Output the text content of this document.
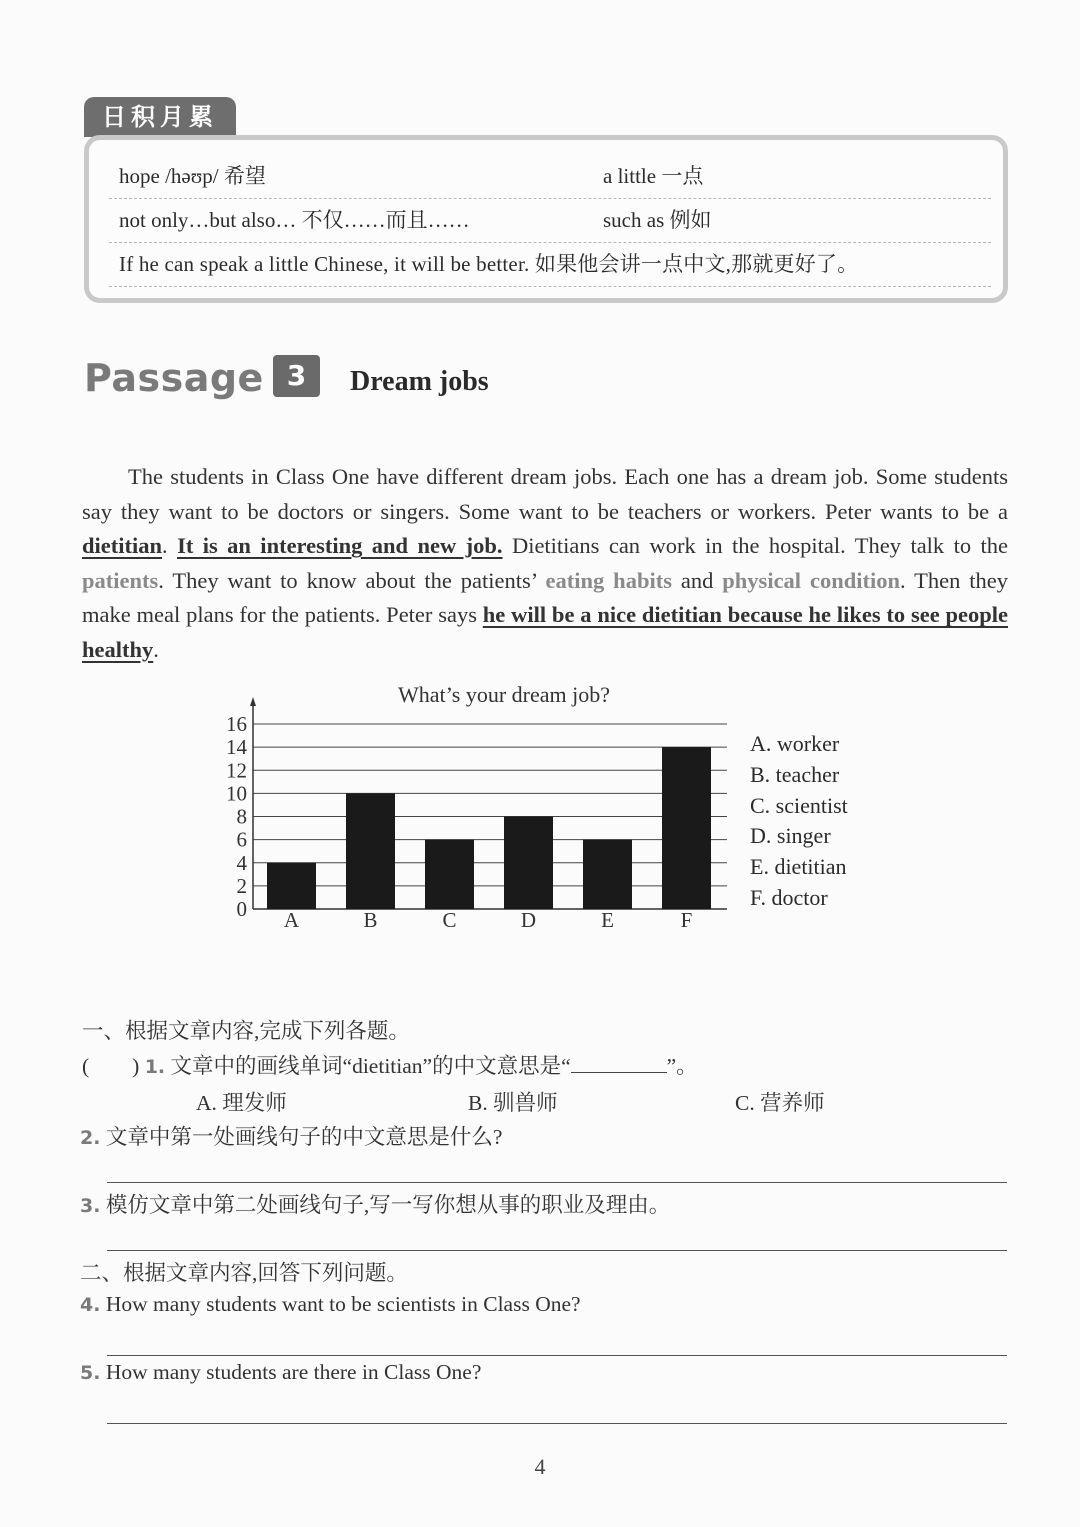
日积月累
hope /həʊp/ 希望	a little 一点
not only…but also… 不仅……而且……	such as 例如
If he can speak a little Chinese, it will be better. 如果他会讲一点中文,那就更好了。
Passage 3	Dream jobs
The students in Class One have different dream jobs. Each one has a dream job. Some students say they want to be doctors or singers. Some want to be teachers or workers. Peter wants to be a dietitian. It is an interesting and new job. Dietitians can work in the hospital. They talk to the patients. They want to know about the patients’ eating habits and physical condition. Then they make meal plans for the patients. Peter says he will be a nice dietitian because he likes to see people healthy.
What’s your dream job?
0
2
4
6
8
10
12
14
16
A	B	C	D	E	F
A. worker
B. teacher
C. scientist
D. singer
E. dietitian
F. doctor
一、根据文章内容,完成下列各题。
(　　) 1. 文章中的画线单词“dietitian”的中文意思是“	”。
A. 理发师	B. 驯兽师	C. 营养师
2. 文章中第一处画线句子的中文意思是什么?
3. 模仿文章中第二处画线句子,写一写你想从事的职业及理由。
二、根据文章内容,回答下列问题。
4. How many students want to be scientists in Class One?
5. How many students are there in Class One?
4
